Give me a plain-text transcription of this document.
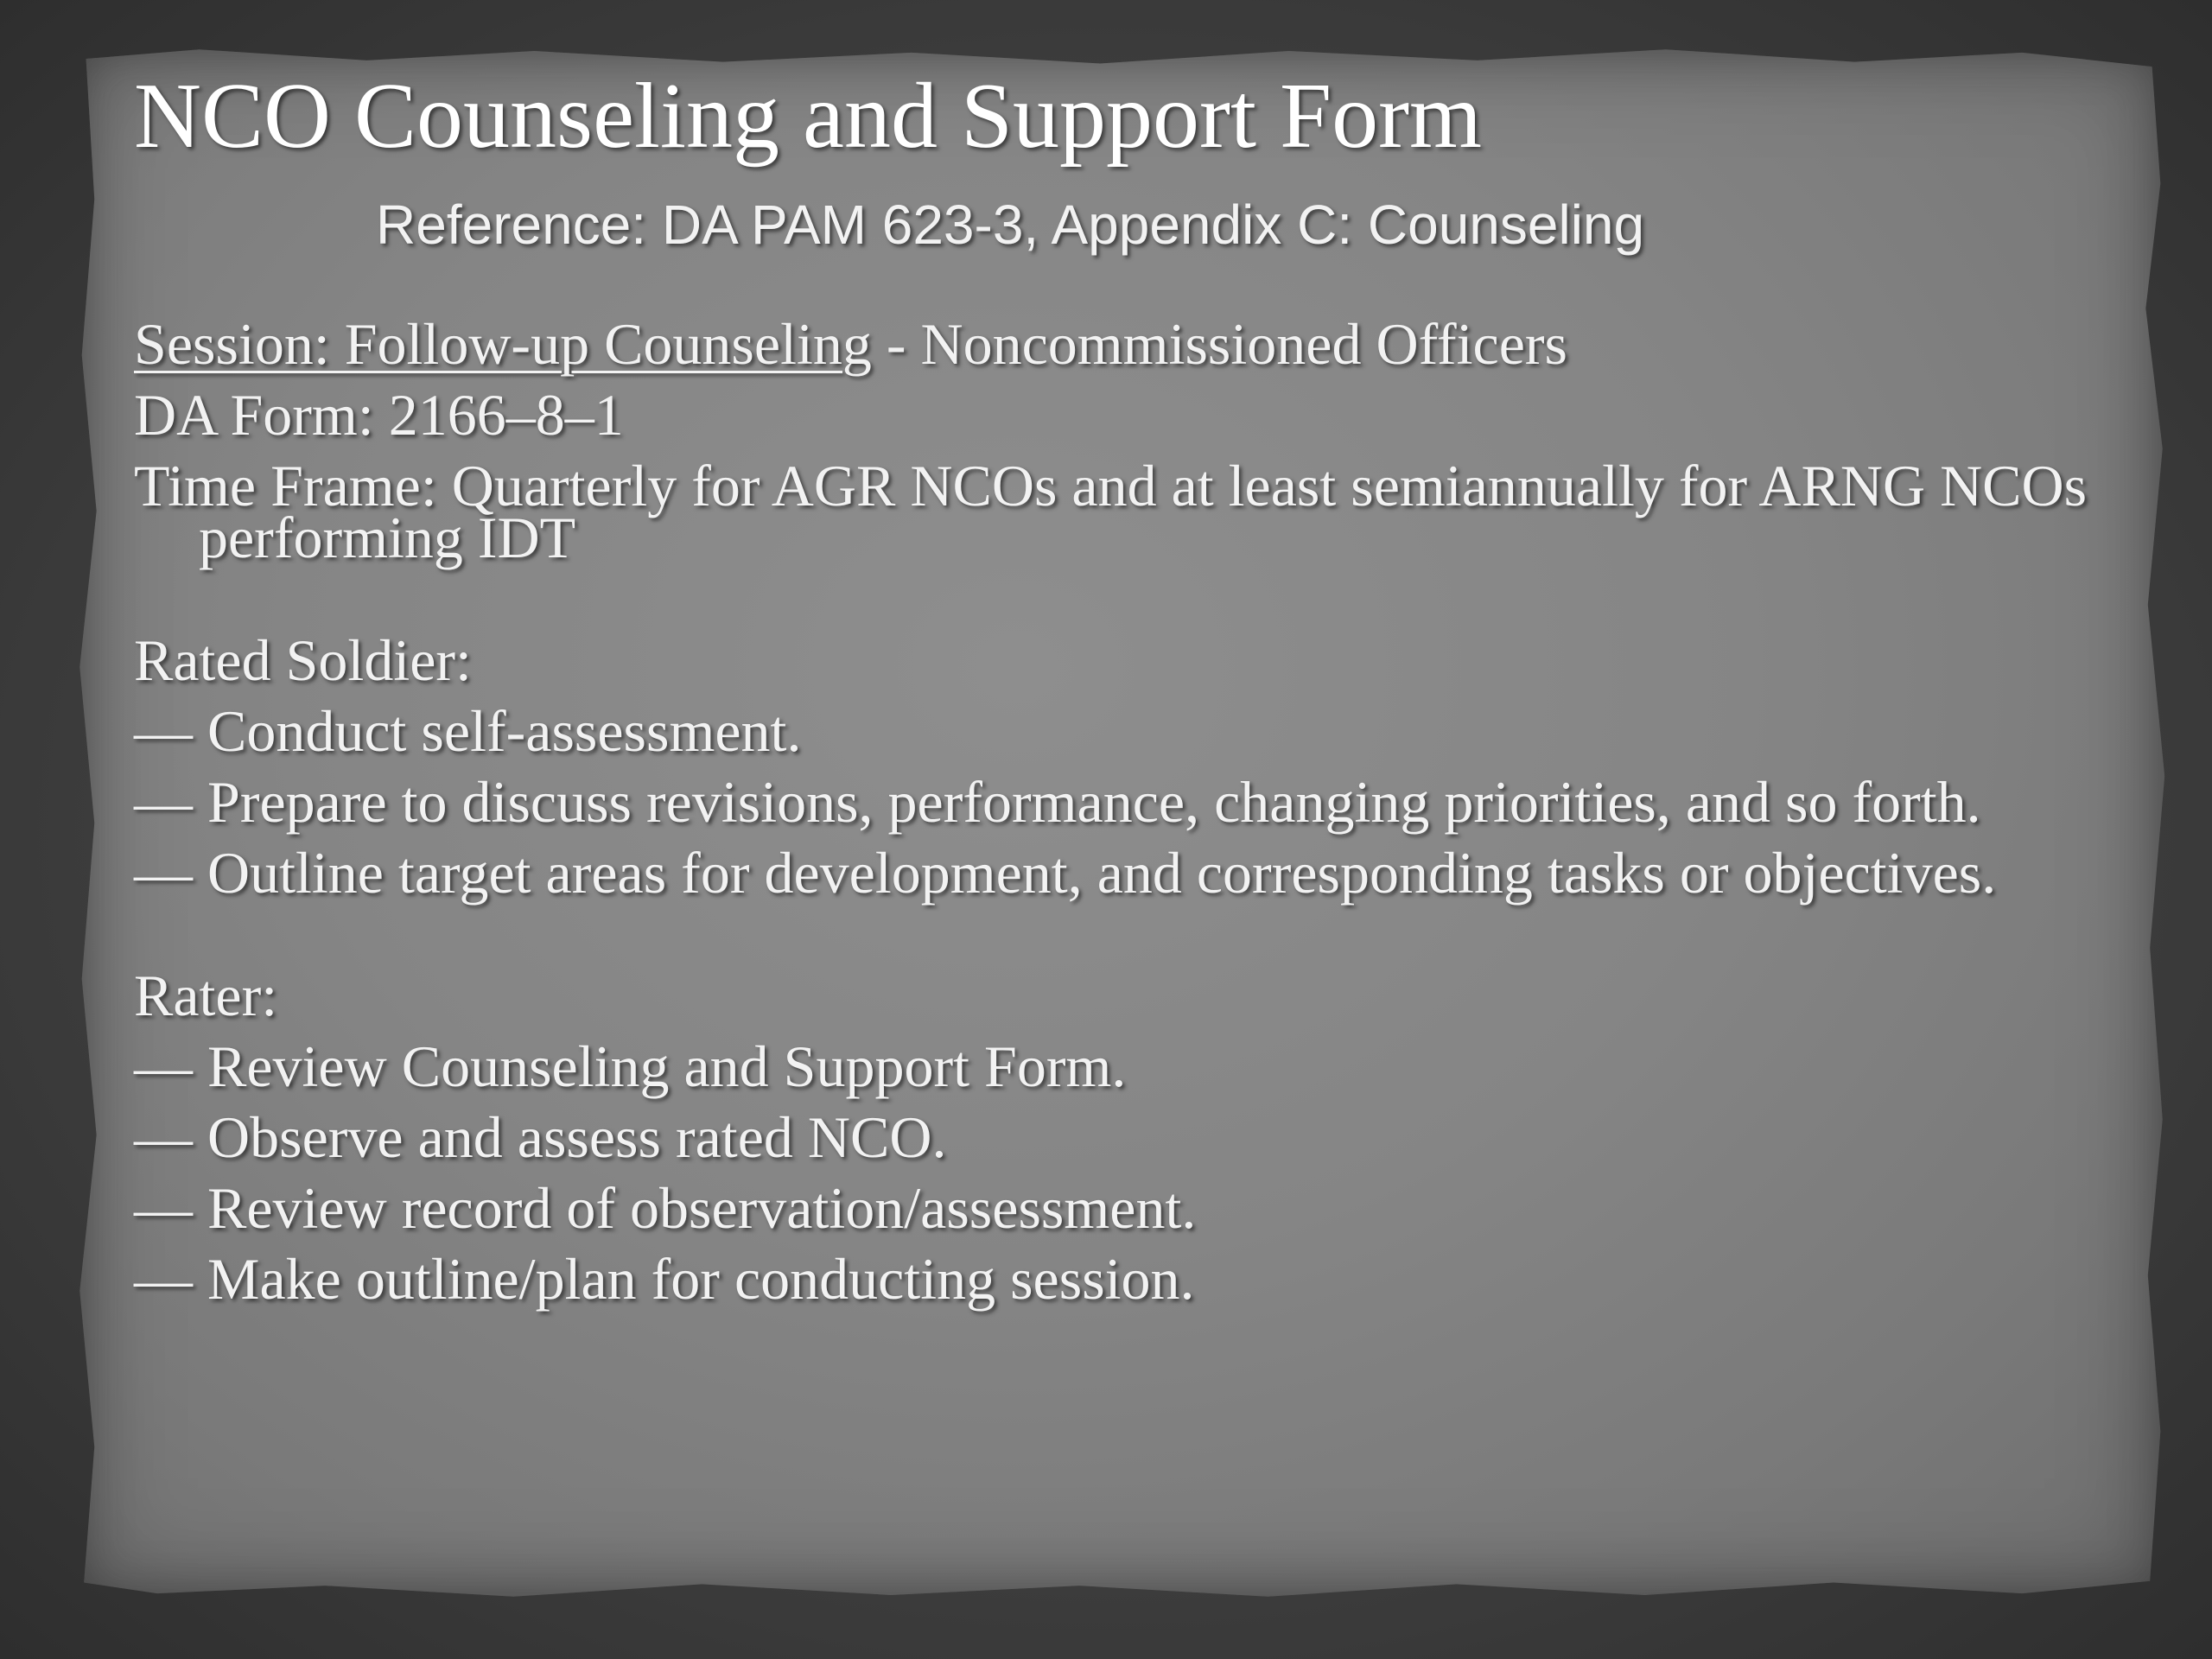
NCO Counseling and Support Form
Reference: DA PAM 623-3, Appendix C: Counseling

Session: Follow-up Counseling - Noncommissioned Officers

DA Form: 2166–8–1

Time Frame: Quarterly for AGR NCOs and at least semiannually for ARNG NCOs performing IDT

Rated Soldier:

— Conduct self-assessment.

— Prepare to discuss revisions, performance, changing priorities, and so forth.

— Outline target areas for development, and corresponding tasks or objectives.

Rater:

— Review Counseling and Support Form.

— Observe and assess rated NCO.

— Review record of observation/assessment.

— Make outline/plan for conducting session.
